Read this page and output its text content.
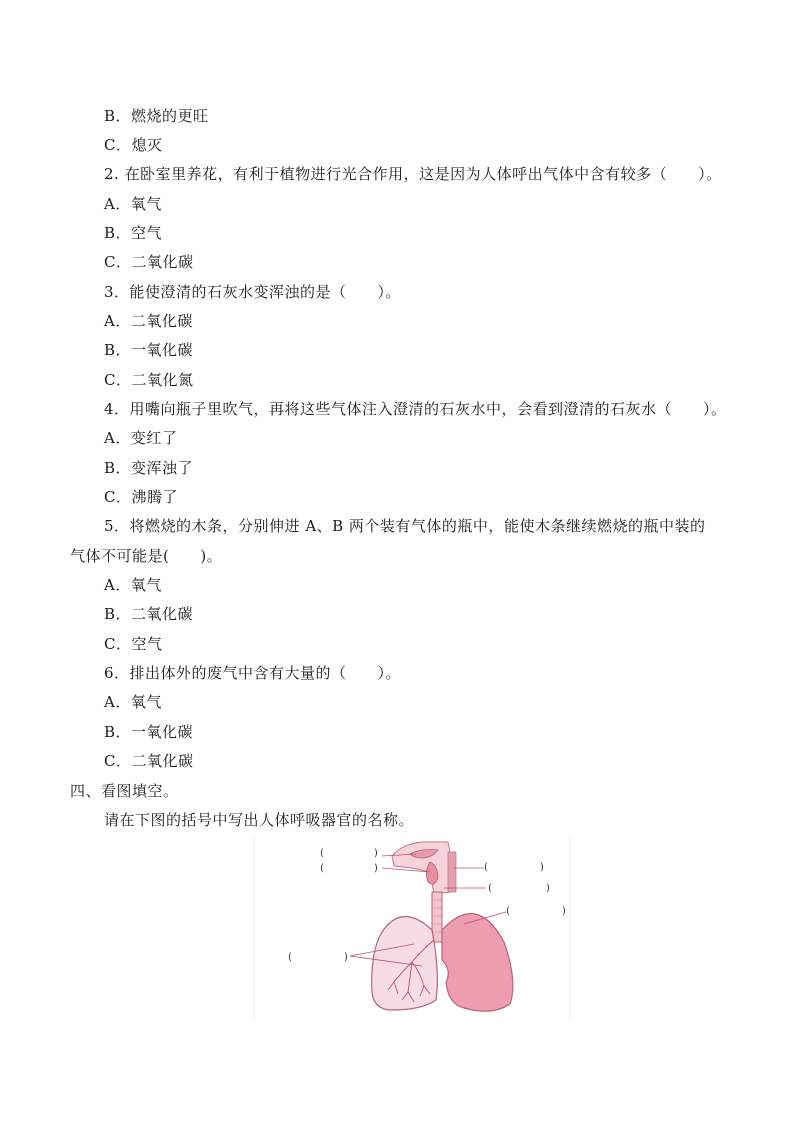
B．燃烧的更旺
C．熄灭
2. 在卧室里养花，有利于植物进行光合作用，这是因为人体呼出气体中含有较多（　　）。
A．氧气
B．空气
C．二氧化碳
3．能使澄清的石灰水变浑浊的是（　　）。
A．二氧化碳
B．一氧化碳
C．二氧化氮
4．用嘴向瓶子里吹气，再将这些气体注入澄清的石灰水中，会看到澄清的石灰水（　　）。
A．变红了
B．变浑浊了
C．沸腾了
5．将燃烧的木条，分别伸进 A、B 两个装有气体的瓶中，能使木条继续燃烧的瓶中装的
气体不可能是(　　)。
A．氧气
B．二氧化碳
C．空气
6．排出体外的废气中含有大量的（　　）。
A．氧气
B．一氧化碳
C．二氧化碳
四、看图填空。
请在下图的括号中写出人体呼吸器官的名称。
(	)
(	)	(	)
(	)
(	)
(	)
